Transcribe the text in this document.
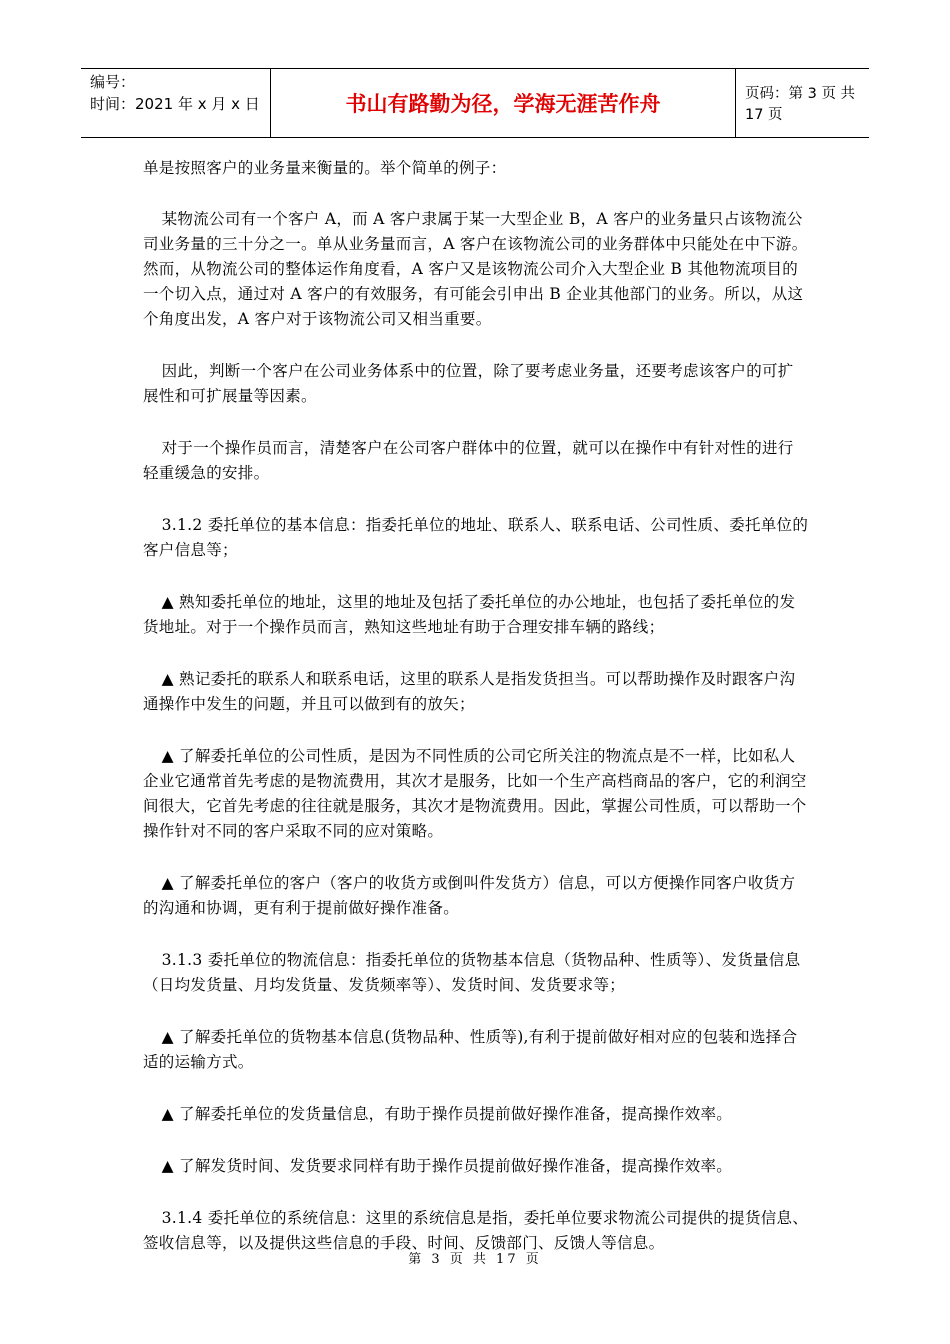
编号：
时间：2021 年 x 月 x 日	书山有路勤为径，学海无涯苦作舟	页码：第 3 页 共 17 页

单是按照客户的业务量来衡量的。举个简单的例子：

某物流公司有一个客户 A，而 A 客户隶属于某一大型企业 B，A 客户的业务量只占该物流公司业务量的三十分之一。单从业务量而言，A 客户在该物流公司的业务群体中只能处在中下游。然而，从物流公司的整体运作角度看，A 客户又是该物流公司介入大型企业 B 其他物流项目的一个切入点，通过对 A 客户的有效服务，有可能会引申出 B 企业其他部门的业务。所以，从这个角度出发，A 客户对于该物流公司又相当重要。

因此，判断一个客户在公司业务体系中的位置，除了要考虑业务量，还要考虑该客户的可扩展性和可扩展量等因素。

对于一个操作员而言，清楚客户在公司客户群体中的位置，就可以在操作中有针对性的进行轻重缓急的安排。

3.1.2 委托单位的基本信息：指委托单位的地址、联系人、联系电话、公司性质、委托单位的客户信息等；

▲ 熟知委托单位的地址，这里的地址及包括了委托单位的办公地址，也包括了委托单位的发货地址。对于一个操作员而言，熟知这些地址有助于合理安排车辆的路线；

▲ 熟记委托的联系人和联系电话，这里的联系人是指发货担当。可以帮助操作及时跟客户沟通操作中发生的问题，并且可以做到有的放矢；

▲ 了解委托单位的公司性质，是因为不同性质的公司它所关注的物流点是不一样，比如私人企业它通常首先考虑的是物流费用，其次才是服务，比如一个生产高档商品的客户，它的利润空间很大，它首先考虑的往往就是服务，其次才是物流费用。因此，掌握公司性质，可以帮助一个操作针对不同的客户采取不同的应对策略。

▲ 了解委托单位的客户（客户的收货方或倒叫件发货方）信息，可以方便操作同客户收货方的沟通和协调，更有利于提前做好操作准备。

3.1.3 委托单位的物流信息：指委托单位的货物基本信息（货物品种、性质等）、发货量信息（日均发货量、月均发货量、发货频率等）、发货时间、发货要求等；

▲ 了解委托单位的货物基本信息(货物品种、性质等),有利于提前做好相对应的包装和选择合适的运输方式。

▲ 了解委托单位的发货量信息，有助于操作员提前做好操作准备，提高操作效率。

▲ 了解发货时间、发货要求同样有助于操作员提前做好操作准备，提高操作效率。

3.1.4 委托单位的系统信息：这里的系统信息是指，委托单位要求物流公司提供的提货信息、签收信息等，以及提供这些信息的手段、时间、反馈部门、反馈人等信息。

第 3 页 共 17 页
